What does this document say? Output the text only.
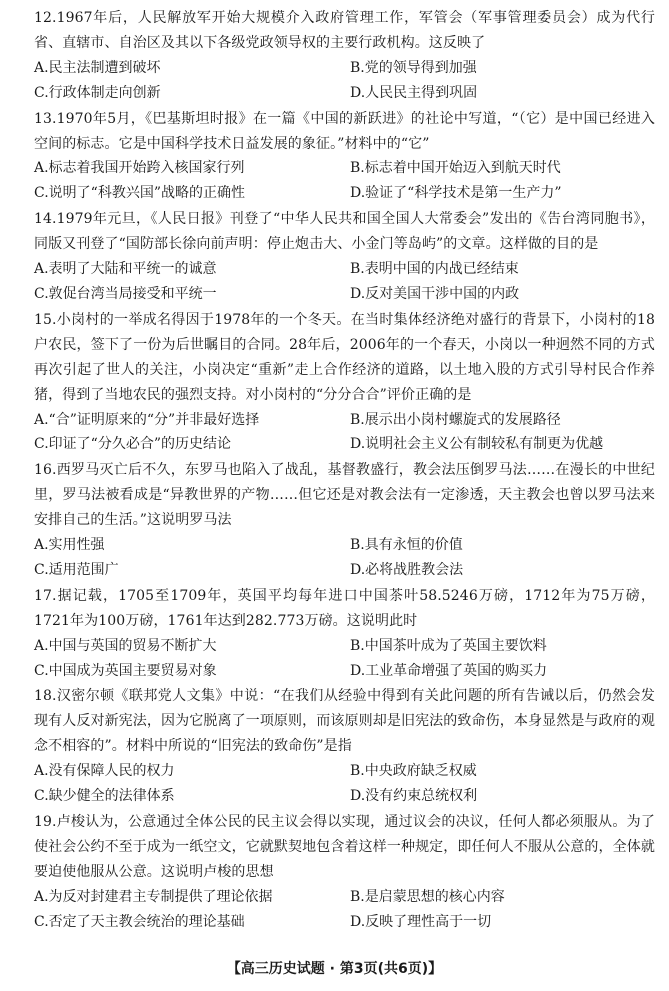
12.1967年后，人民解放军开始大规模介入政府管理工作，军管会（军事管理委员会）成为代行省、直辖市、自治区及其以下各级党政领导权的主要行政机构。这反映了
A.民主法制遭到破坏	B.党的领导得到加强
C.行政体制走向创新	D.人民民主得到巩固
13.1970年5月，《巴基斯坦时报》在一篇《中国的新跃进》的社论中写道，“（它）是中国已经进入空间的标志。它是中国科学技术日益发展的象征。”材料中的“它”
A.标志着我国开始跨入核国家行列	B.标志着中国开始迈入到航天时代
C.说明了“科教兴国”战略的正确性	D.验证了“科学技术是第一生产力”
14.1979年元旦，《人民日报》刊登了“中华人民共和国全国人大常委会”发出的《告台湾同胞书》，同版又刊登了“国防部长徐向前声明：停止炮击大、小金门等岛屿”的文章。这样做的目的是
A.表明了大陆和平统一的诚意	B.表明中国的内战已经结束
C.敦促台湾当局接受和平统一	D.反对美国干涉中国的内政
15.小岗村的一举成名得因于1978年的一个冬天。在当时集体经济绝对盛行的背景下，小岗村的18户农民，签下了一份为后世瞩目的合同。28年后，2006年的一个春天，小岗以一种迥然不同的方式再次引起了世人的关注，小岗决定“重新”走上合作经济的道路，以土地入股的方式引导村民合作养猪，得到了当地农民的强烈支持。对小岗村的“分分合合”评价正确的是
A.“合”证明原来的“分”并非最好选择	B.展示出小岗村螺旋式的发展路径
C.印证了“分久必合”的历史结论	D.说明社会主义公有制较私有制更为优越
16.西罗马灭亡后不久，东罗马也陷入了战乱，基督教盛行，教会法压倒罗马法……在漫长的中世纪里，罗马法被看成是“异教世界的产物……但它还是对教会法有一定渗透，天主教会也曾以罗马法来安排自己的生活。”这说明罗马法
A.实用性强	B.具有永恒的价值
C.适用范围广	D.必将战胜教会法
17.据记载，1705至1709年，英国平均每年进口中国茶叶58.5246万磅，1712年为75万磅，1721年为100万磅，1761年达到282.773万磅。这说明此时
A.中国与英国的贸易不断扩大	B.中国茶叶成为了英国主要饮料
C.中国成为英国主要贸易对象	D.工业革命增强了英国的购买力
18.汉密尔顿《联邦党人文集》中说：“在我们从经验中得到有关此问题的所有告诫以后，仍然会发现有人反对新宪法，因为它脱离了一项原则，而该原则却是旧宪法的致命伤，本身显然是与政府的观念不相容的”。材料中所说的“旧宪法的致命伤”是指
A.没有保障人民的权力	B.中央政府缺乏权威
C.缺少健全的法律体系	D.没有约束总统权利
19.卢梭认为，公意通过全体公民的民主议会得以实现，通过议会的决议，任何人都必须服从。为了使社会公约不至于成为一纸空文，它就默契地包含着这样一种规定，即任何人不服从公意的，全体就要迫使他服从公意。这说明卢梭的思想
A.为反对封建君主专制提供了理论依据	B.是启蒙思想的核心内容
C.否定了天主教会统治的理论基础	D.反映了理性高于一切
【高三历史试题 · 第3页(共6页)】
